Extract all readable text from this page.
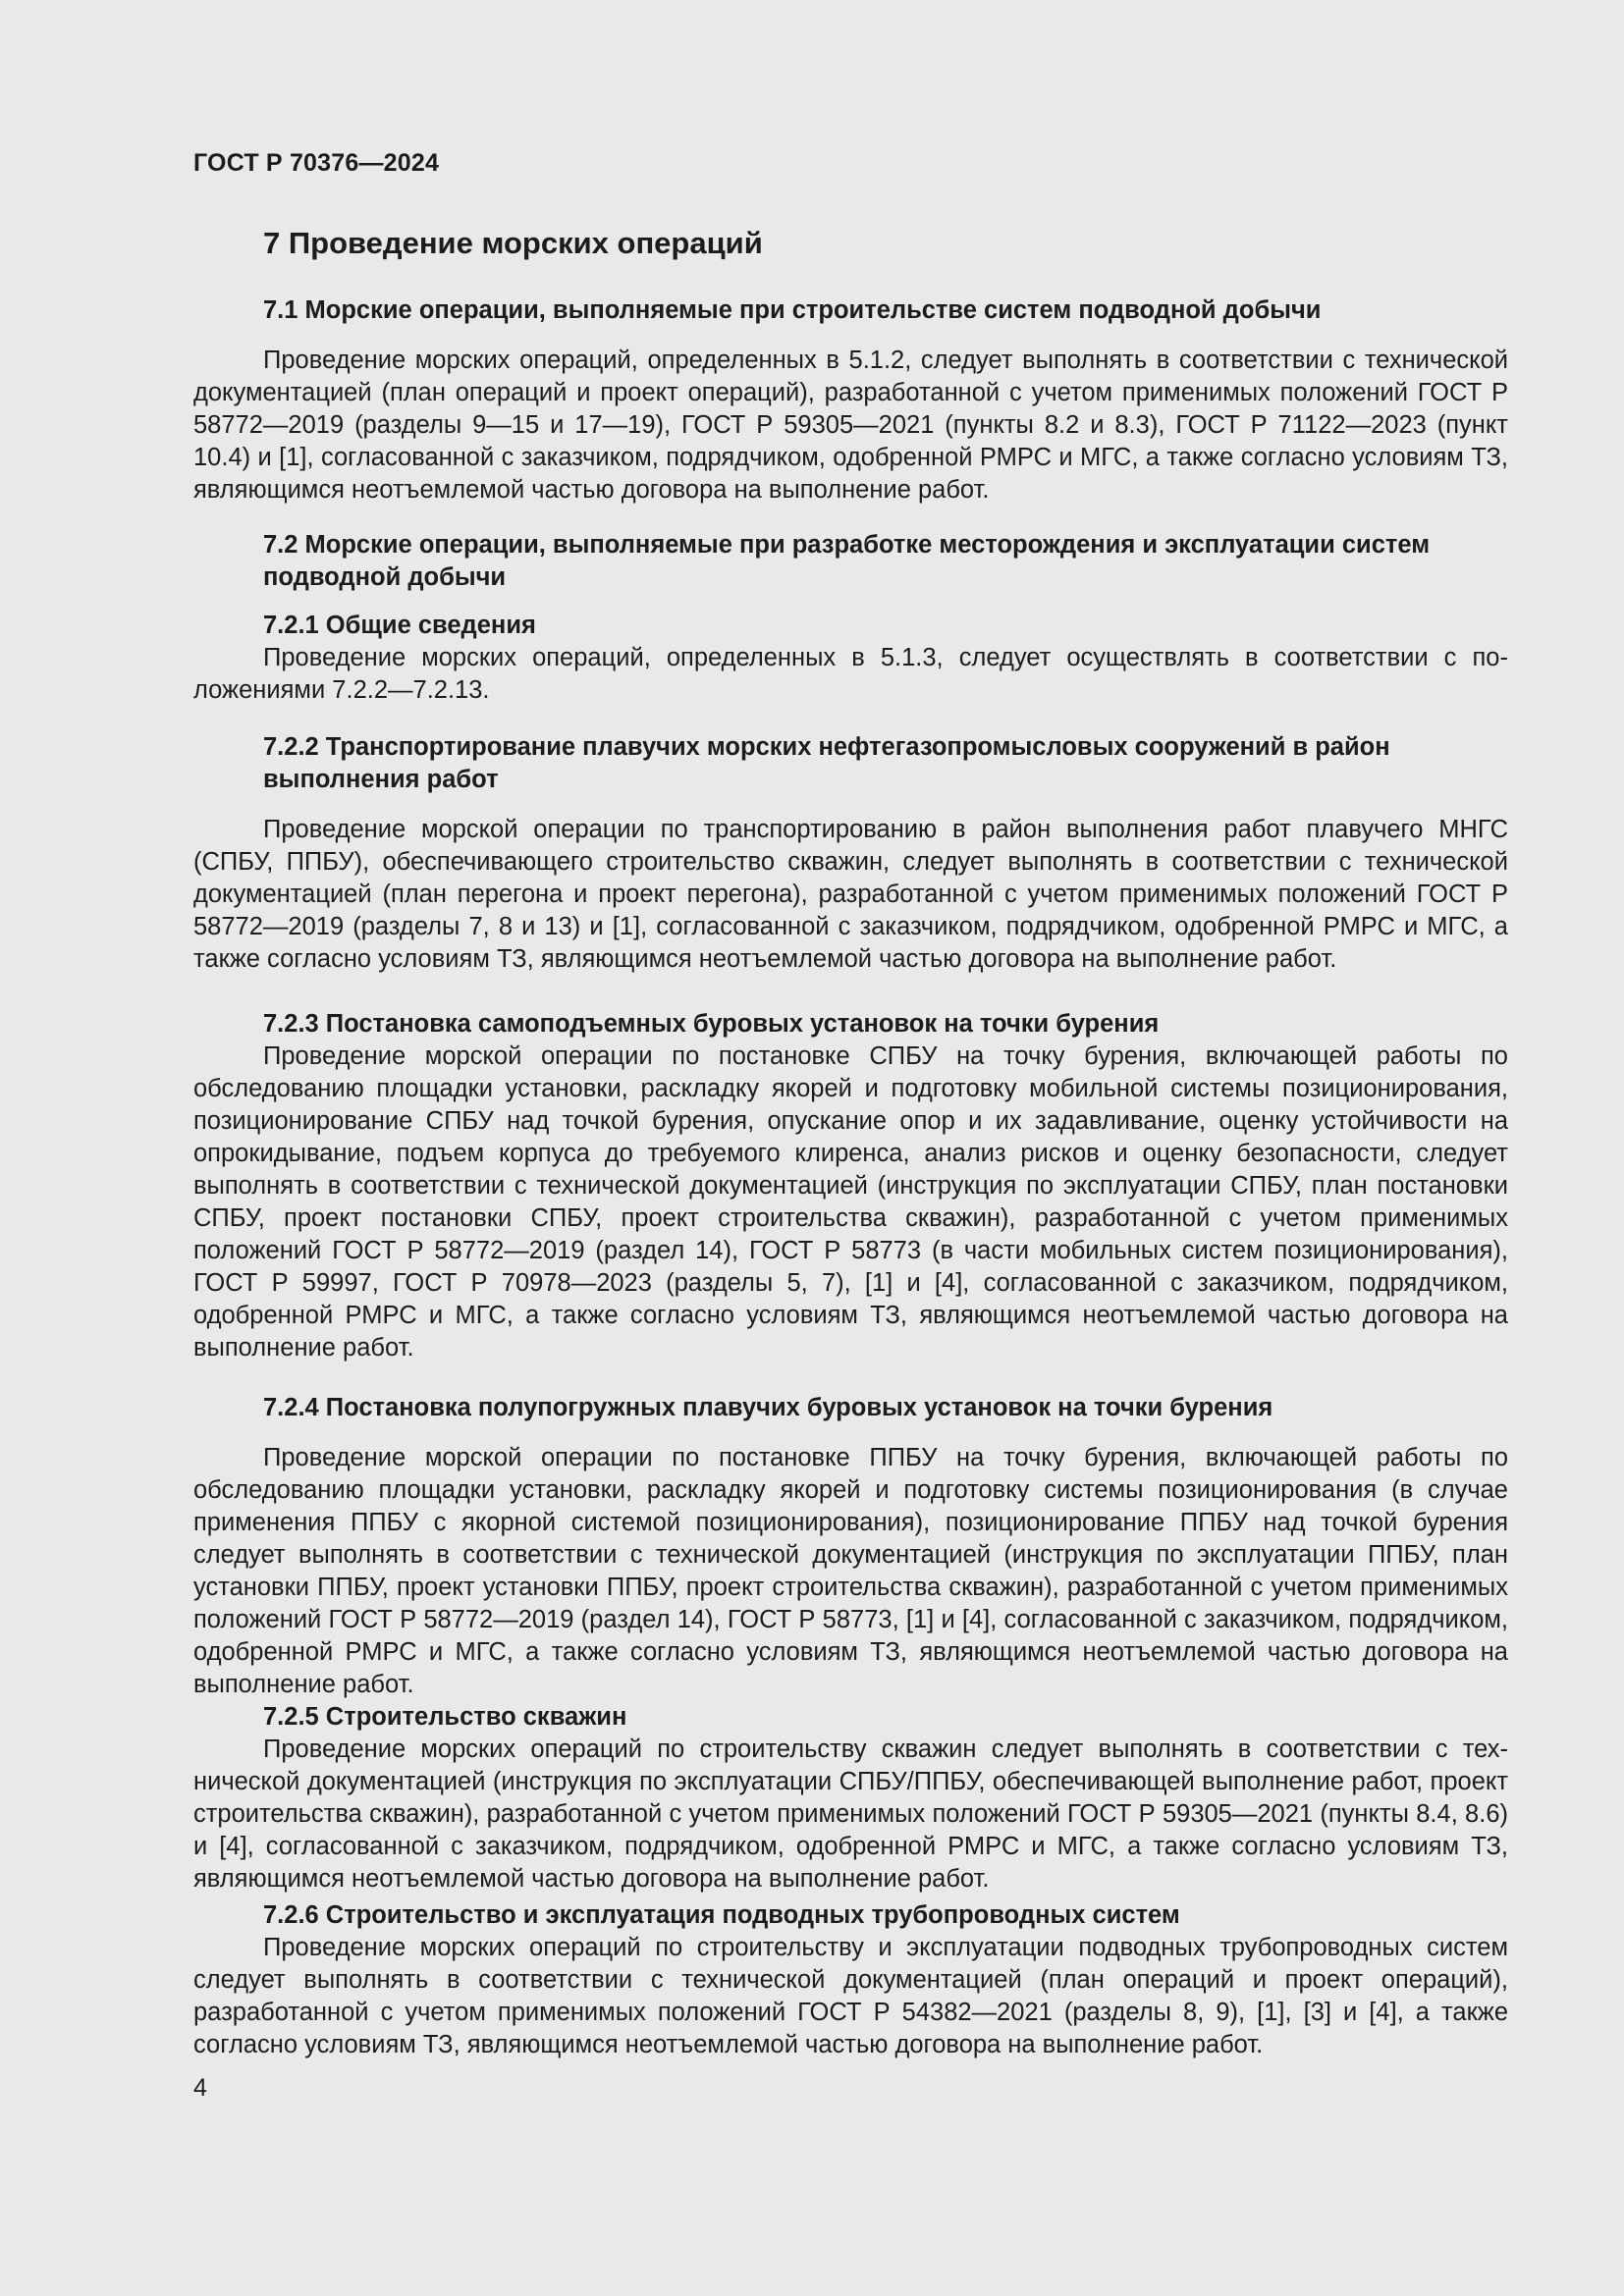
ГОСТ Р 70376—2024
7 Проведение морских операций

7.1 Морские операции, выполняемые при строительстве систем подводной добычи

Проведение морских операций, определенных в 5.1.2, следует выполнять в соответствии с технической документацией (план операций и проект операций), разработанной с учетом применимых положений ГОСТ Р 58772—2019 (разделы 9—15 и 17—19), ГОСТ Р 59305—2021 (пункты 8.2 и 8.3), ГОСТ Р 71122—2023 (пункт 10.4) и [1], согласованной с заказчиком, подрядчиком, одобренной РМРС и МГС, а также согласно условиям ТЗ, являющимся неотъемлемой частью договора на выполнение работ.

7.2 Морские операции, выполняемые при разработке месторождения и эксплуатации систем подводной добычи

7.2.1 Общие сведения

Проведение морских операций, определенных в 5.1.3, следует осуществлять в соответствии с положениями 7.2.2—7.2.13.

7.2.2 Транспортирование плавучих морских нефтегазопромысловых сооружений в район выполнения работ

Проведение морской операции по транспортированию в район выполнения работ плавучего МНГС (СПБУ, ППБУ), обеспечивающего строительство скважин, следует выполнять в соответствии с технической документацией (план перегона и проект перегона), разработанной с учетом применимых положений ГОСТ Р 58772—2019 (разделы 7, 8 и 13) и [1], согласованной с заказчиком, подрядчиком, одобренной РМРС и МГС, а также согласно условиям ТЗ, являющимся неотъемлемой частью договора на выполнение работ.

7.2.3 Постановка самоподъемных буровых установок на точки бурения

Проведение морской операции по постановке СПБУ на точку бурения, включающей работы по обследованию площадки установки, раскладку якорей и подготовку мобильной системы позиционирования, позиционирование СПБУ над точкой бурения, опускание опор и их задавливание, оценку устойчивости на опрокидывание, подъем корпуса до требуемого клиренса, анализ рисков и оценку безопасности, следует выполнять в соответствии с технической документацией (инструкция по эксплуатации СПБУ, план постановки СПБУ, проект постановки СПБУ, проект строительства скважин), разработанной с учетом применимых положений ГОСТ Р 58772—2019 (раздел 14), ГОСТ Р 58773 (в части мобильных систем позиционирования), ГОСТ Р 59997, ГОСТ Р 70978—2023 (разделы 5, 7), [1] и [4], согласованной с заказчиком, подрядчиком, одобренной РМРС и МГС, а также согласно условиям ТЗ, являющимся неотъемлемой частью договора на выполнение работ.

7.2.4 Постановка полупогружных плавучих буровых установок на точки бурения

Проведение морской операции по постановке ППБУ на точку бурения, включающей работы по обследованию площадки установки, раскладку якорей и подготовку системы позиционирования (в случае применения ППБУ с якорной системой позиционирования), позиционирование ППБУ над точкой бурения следует выполнять в соответствии с технической документацией (инструкция по эксплуатации ППБУ, план установки ППБУ, проект установки ППБУ, проект строительства скважин), разработанной с учетом применимых положений ГОСТ Р 58772—2019 (раздел 14), ГОСТ Р 58773, [1] и [4], согласованной с заказчиком, подрядчиком, одобренной РМРС и МГС, а также согласно условиям ТЗ, являющимся неотъемлемой частью договора на выполнение работ.

7.2.5 Строительство скважин

Проведение морских операций по строительству скважин следует выполнять в соответствии с технической документацией (инструкция по эксплуатации СПБУ/ППБУ, обеспечивающей выполнение работ, проект строительства скважин), разработанной с учетом применимых положений ГОСТ Р 59305—2021 (пункты 8.4, 8.6) и [4], согласованной с заказчиком, подрядчиком, одобренной РМРС и МГС, а также согласно условиям ТЗ, являющимся неотъемлемой частью договора на выполнение работ.

7.2.6 Строительство и эксплуатация подводных трубопроводных систем

Проведение морских операций по строительству и эксплуатации подводных трубопроводных систем следует выполнять в соответствии с технической документацией (план операций и проект операций), разработанной с учетом применимых положений ГОСТ Р 54382—2021 (разделы 8, 9), [1], [3] и [4], а также согласно условиям ТЗ, являющимся неотъемлемой частью договора на выполнение работ.

4
